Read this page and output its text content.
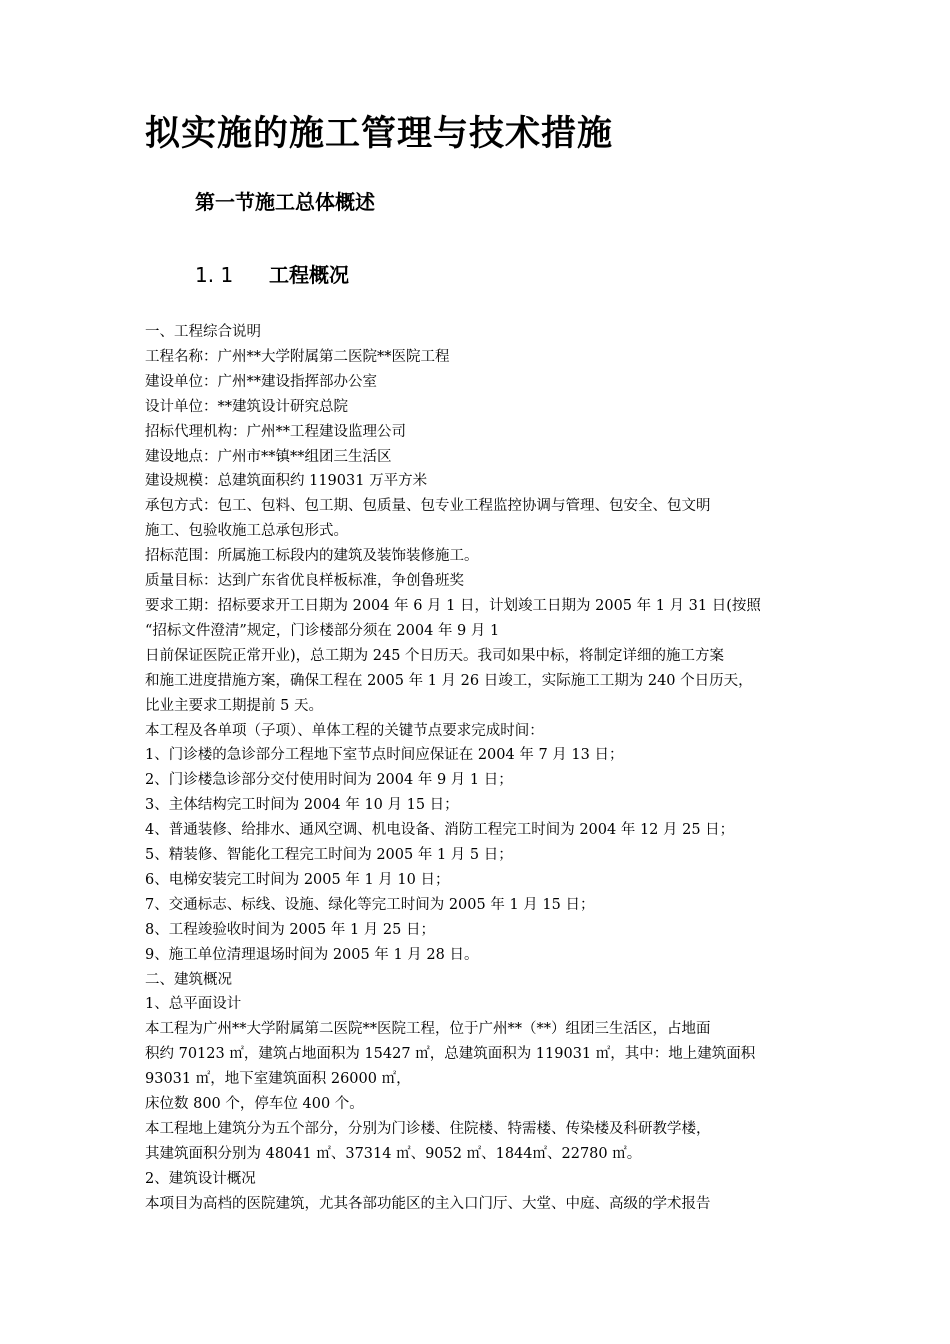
拟实施的施工管理与技术措施
第一节施工总体概述
1. 1 工程概况

一、工程综合说明

工程名称：广州**大学附属第二医院**医院工程

建设单位：广州**建设指挥部办公室

设计单位：**建筑设计研究总院

招标代理机构：广州**工程建设监理公司

建设地点：广州市**镇**组团三生活区

建设规模：总建筑面积约 119031 万平方米

承包方式：包工、包料、包工期、包质量、包专业工程监控协调与管理、包安全、包文明

施工、包验收施工总承包形式。

招标范围：所属施工标段内的建筑及装饰装修施工。

质量目标：达到广东省优良样板标准，争创鲁班奖

要求工期：招标要求开工日期为 2004 年 6 月 1 日，计划竣工日期为 2005 年 1 月 31 日(按照

“招标文件澄清”规定，门诊楼部分须在 2004 年 9 月 1

日前保证医院正常开业)，总工期为 245 个日历天。我司如果中标，将制定详细的施工方案

和施工进度措施方案，确保工程在 2005 年 1 月 26 日竣工，实际施工工期为 240 个日历天，

比业主要求工期提前 5 天。

本工程及各单项（子项）、单体工程的关键节点要求完成时间：

1、门诊楼的急诊部分工程地下室节点时间应保证在 2004 年 7 月 13 日；

2、门诊楼急诊部分交付使用时间为 2004 年 9 月 1 日；

3、主体结构完工时间为 2004 年 10 月 15 日；

4、普通装修、给排水、通风空调、机电设备、消防工程完工时间为 2004 年 12 月 25 日；

5、精装修、智能化工程完工时间为 2005 年 1 月 5 日；

6、电梯安装完工时间为 2005 年 1 月 10 日；

7、交通标志、标线、设施、绿化等完工时间为 2005 年 1 月 15 日；

8、工程竣验收时间为 2005 年 1 月 25 日；

9、施工单位清理退场时间为 2005 年 1 月 28 日。

二、建筑概况

1、总平面设计

本工程为广州**大学附属第二医院**医院工程，位于广州**（**）组团三生活区，占地面

积约 70123 ㎡，建筑占地面积为 15427 ㎡，总建筑面积为 119031 ㎡，其中：地上建筑面积

93031 ㎡，地下室建筑面积 26000 ㎡，

床位数 800 个，停车位 400 个。

本工程地上建筑分为五个部分，分别为门诊楼、住院楼、特需楼、传染楼及科研教学楼，

其建筑面积分别为 48041 ㎡、37314 ㎡、9052 ㎡、1844㎡、22780 ㎡。

2、建筑设计概况

本项目为高档的医院建筑，尤其各部功能区的主入口门厅、大堂、中庭、高级的学术报告
